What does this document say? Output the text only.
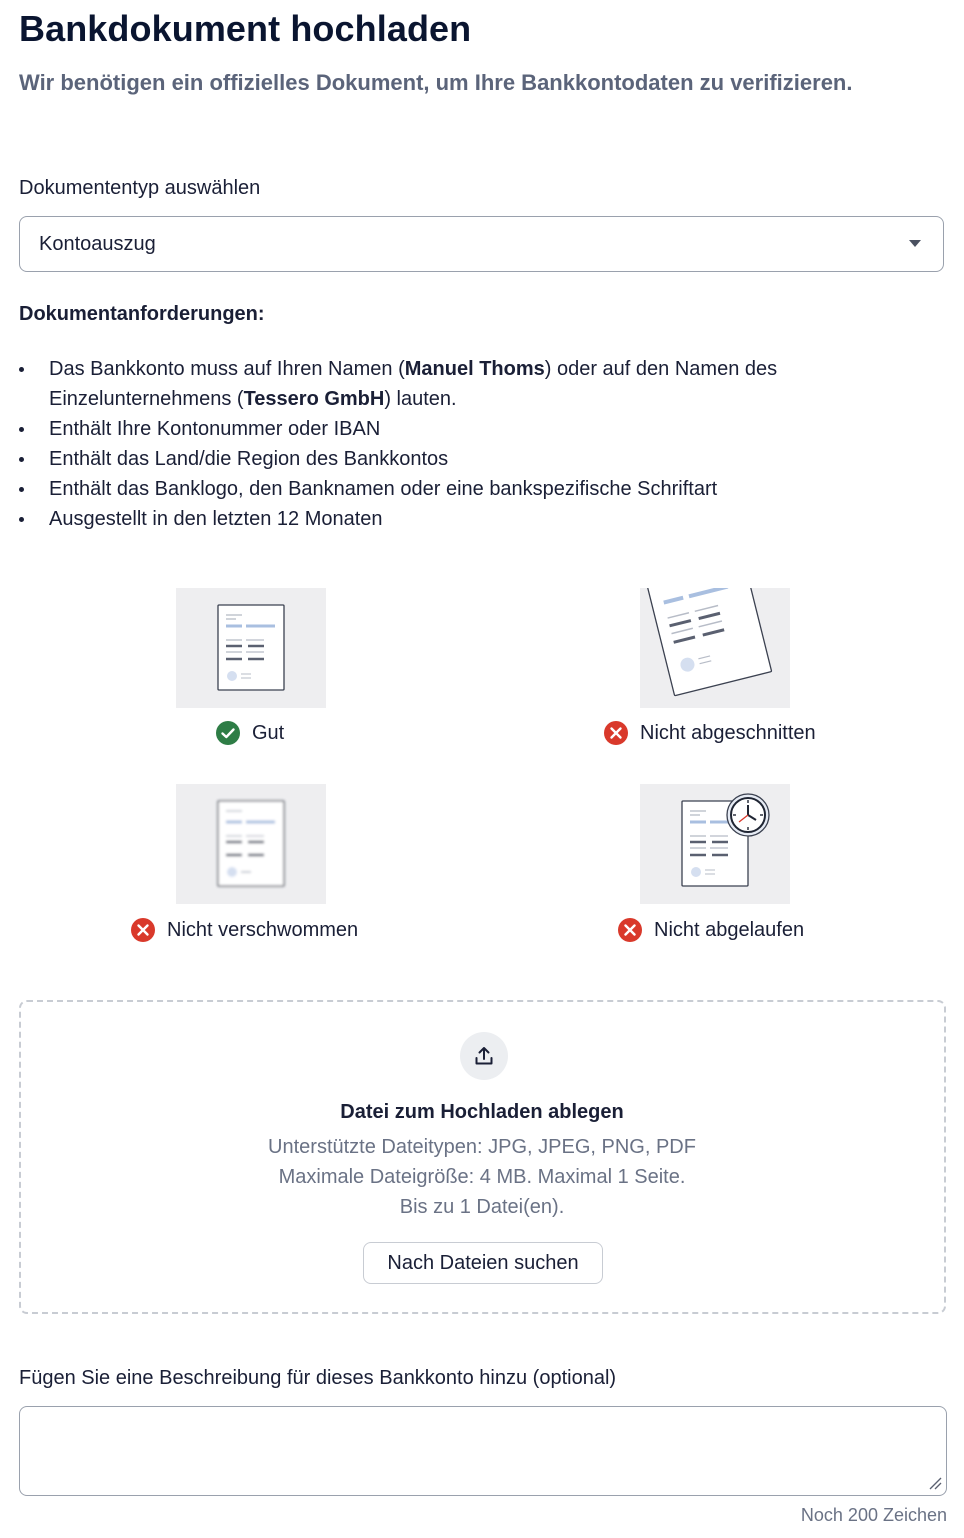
Bankdokument hochladen
Wir benötigen ein offizielles Dokument, um Ihre Bankkontodaten zu verifizieren.
Dokumententyp auswählen
Kontoauszug
Dokumentanforderungen:
Das Bankkonto muss auf Ihren Namen (Manuel Thoms) oder auf den Namen des Einzelunternehmens (Tessero GmbH) lauten.
Enthält Ihre Kontonummer oder IBAN
Enthält das Land/die Region des Bankkontos
Enthält das Banklogo, den Banknamen oder eine bankspezifische Schriftart
Ausgestellt in den letzten 12 Monaten
Gut	Nicht abgeschnitten
Nicht verschwommen	Nicht abgelaufen
Datei zum Hochladen ablegen
Unterstützte Dateitypen: JPG, JPEG, PNG, PDF
Maximale Dateigröße: 4 MB. Maximal 1 Seite.
Bis zu 1 Datei(en).
Nach Dateien suchen
Fügen Sie eine Beschreibung für dieses Bankkonto hinzu (optional)
Noch 200 Zeichen
